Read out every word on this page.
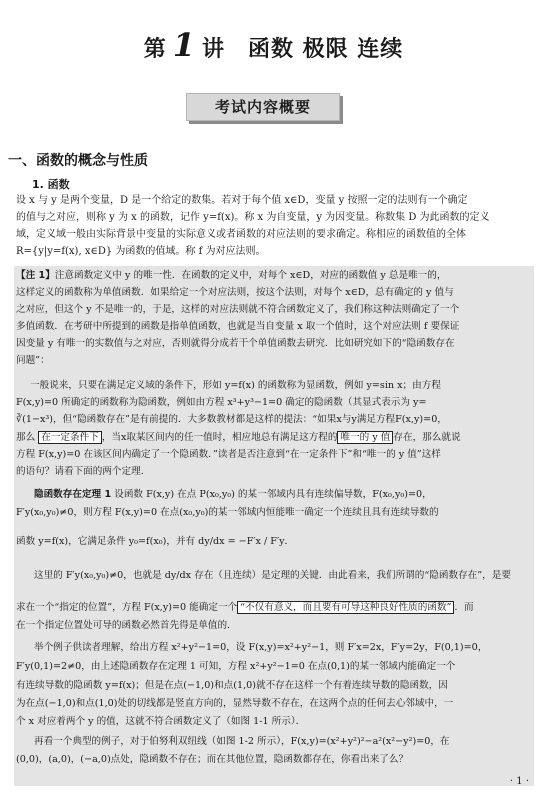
第 1 讲　函数 极限 连续
考试内容概要
一、函数的概念与性质
1. 函数
设 x 与 y 是两个变量，D 是一个给定的数集。若对于每个值 x∈D，变量 y 按照一定的法则有一个确定
的值与之对应，则称 y 为 x 的函数，记作 y=f(x)。称 x 为自变量，y 为因变量。称数集 D 为此函数的定义
域，定义域一般由实际背景中变量的实际意义或者函数的对应法则的要求确定。称相应的函数值的全体
R={y|y=f(x), x∈D} 为函数的值域。称 f 为对应法则。
【注 1】注意函数定义中 y 的唯一性．在函数的定义中，对每个 x∈D，对应的函数值 y 总是唯一的，
这样定义的函数称为单值函数．如果给定一个对应法则，按这个法则，对每个 x∈D，总有确定的 y 值与
之对应，但这个 y 不是唯一的，于是，这样的对应法则就不符合函数定义了，我们称这种法则确定了一个
多值函数．在考研中所提到的函数是指单值函数，也就是当自变量 x 取一个值时，这个对应法则 f 要保证
因变量 y 有唯一的实数值与之对应，否则就得分成若干个单值函数去研究．比如研究如下的“隐函数存在
问题”：
一般说来，只要在满足定义域的条件下，形如 y=f(x) 的函数称为显函数，例如 y=sin x；由方程
F(x,y)=0 所确定的函数称为隐函数，例如由方程 x³+y³−1=0 确定的隐函数（其显式表示为 y=
∛(1−x³)，但“隐函数存在”是有前提的．大多数教材都是这样的提法：“如果x与y满足方程F(x,y)=0，
那么 在一定条件下 ，当x取某区间内的任一值时，相应地总有满足这方程的 唯一的 y 值 存在，那么就说
方程 F(x,y)=0 在该区间内确定了一个隐函数．”读者是否注意到“在一定条件下”和“唯一的 y 值”这样
的语句？请看下面的两个定理．
隐函数存在定理 1 设函数 F(x,y) 在点 P(x₀,y₀) 的某一邻域内具有连续偏导数，F(x₀,y₀)=0，
F′y(x₀,y₀)≠0，则方程 F(x,y)=0 在点(x₀,y₀)的某一邻域内恒能唯一确定一个连续且具有连续导数的
函数 y=f(x)，它满足条件 y₀=f(x₀)，并有 dy/dx = −F′x / F′y．
这里的 F′y(x₀,y₀)≠0，也就是 dy/dx 存在（且连续）是定理的关键．由此看来，我们所谓的“隐函数存在”，是要
求在一个“指定的位置”，方程 F(x,y)=0 能确定一个 “不仅有意义，而且要有可导这种良好性质的函数” ．而
在一个指定位置处可导的函数必然首先得是单值的．
举个例子供读者理解，给出方程 x²+y²−1=0，设 F(x,y)=x²+y²−1，则 F′x=2x，F′y=2y，F(0,1)=0，
F′y(0,1)=2≠0，由上述隐函数存在定理 1 可知，方程 x²+y²−1=0 在点(0,1)的某一邻域内能确定一个
有连续导数的隐函数 y=f(x)；但是在点(−1,0)和点(1,0)就不存在这样一个有着连续导数的隐函数，因
为在点(−1,0)和点(1,0)处的切线都是竖直方向的，显然导数不存在，在这两个点的任何去心邻域中，一
个 x 对应着两个 y 的值，这就不符合函数定义了（如图 1-1 所示）．
再看一个典型的例子，对于伯努利双纽线（如图 1-2 所示），F(x,y)=(x²+y²)²−a²(x²−y²)=0，在
(0,0)，(a,0)，(−a,0)点处，隐函数不存在；而在其他位置，隐函数都存在，你看出来了么？
· 1 ·
